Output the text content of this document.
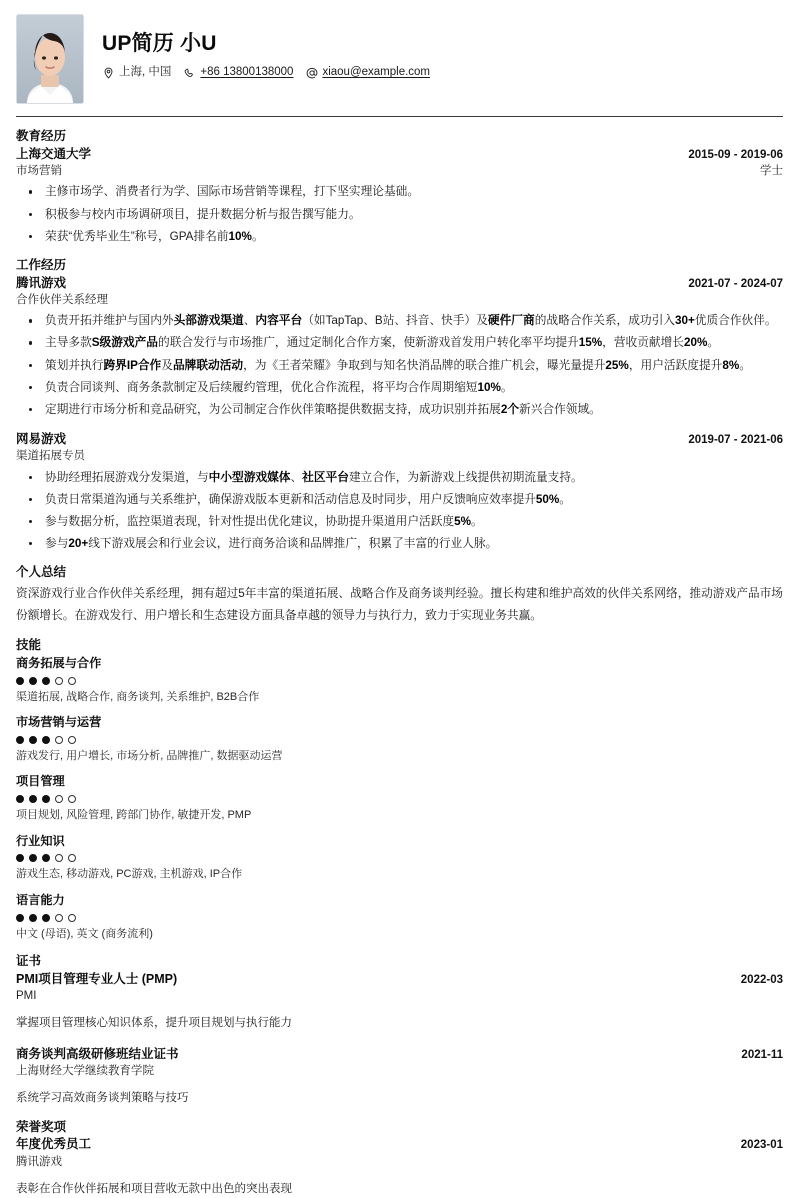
UP简历 小U
上海, 中国	+86 13800138000	xiaou@example.com
教育经历
上海交通大学	2015-09 - 2019-06
市场营销	学士
主修市场学、消费者行为学、国际市场营销等课程，打下坚实理论基础。
积极参与校内市场调研项目，提升数据分析与报告撰写能力。
荣获“优秀毕业生”称号，GPA排名前10%。
工作经历
腾讯游戏	2021-07 - 2024-07
合作伙伴关系经理
负责开拓并维护与国内外头部游戏渠道、内容平台（如TapTap、B站、抖音、快手）及硬件厂商的战略合作关系，成功引入30+优质合作伙伴。
主导多款S级游戏产品的联合发行与市场推广，通过定制化合作方案，使新游戏首发用户转化率平均提升15%，营收贡献增长20%。
策划并执行跨界IP合作及品牌联动活动，为《王者荣耀》争取到与知名快消品牌的联合推广机会，曝光量提升25%，用户活跃度提升8%。
负责合同谈判、商务条款制定及后续履约管理，优化合作流程，将平均合作周期缩短10%。
定期进行市场分析和竞品研究，为公司制定合作伙伴策略提供数据支持，成功识别并拓展2个新兴合作领域。
网易游戏	2019-07 - 2021-06
渠道拓展专员
协助经理拓展游戏分发渠道，与中小型游戏媒体、社区平台建立合作，为新游戏上线提供初期流量支持。
负责日常渠道沟通与关系维护，确保游戏版本更新和活动信息及时同步，用户反馈响应效率提升50%。
参与数据分析，监控渠道表现，针对性提出优化建议，协助提升渠道用户活跃度5%。
参与20+线下游戏展会和行业会议，进行商务洽谈和品牌推广，积累了丰富的行业人脉。
个人总结
资深游戏行业合作伙伴关系经理，拥有超过5年丰富的渠道拓展、战略合作及商务谈判经验。擅长构建和维护高效的伙伴关系网络，推动游戏产品市场份额增长。在游戏发行、用户增长和生态建设方面具备卓越的领导力与执行力，致力于实现业务共赢。
技能
商务拓展与合作
渠道拓展, 战略合作, 商务谈判, 关系维护, B2B合作
市场营销与运营
游戏发行, 用户增长, 市场分析, 品牌推广, 数据驱动运营
项目管理
项目规划, 风险管理, 跨部门协作, 敏捷开发, PMP
行业知识
游戏生态, 移动游戏, PC游戏, 主机游戏, IP合作
语言能力
中文 (母语), 英文 (商务流利)
证书
PMI项目管理专业人士 (PMP)	2022-03
PMI
掌握项目管理核心知识体系，提升项目规划与执行能力
商务谈判高级研修班结业证书	2021-11
上海财经大学继续教育学院
系统学习高效商务谈判策略与技巧
荣誉奖项
年度优秀员工	2023-01
腾讯游戏
表彰在合作伙伴拓展和项目营收无款中出色的突出表现
